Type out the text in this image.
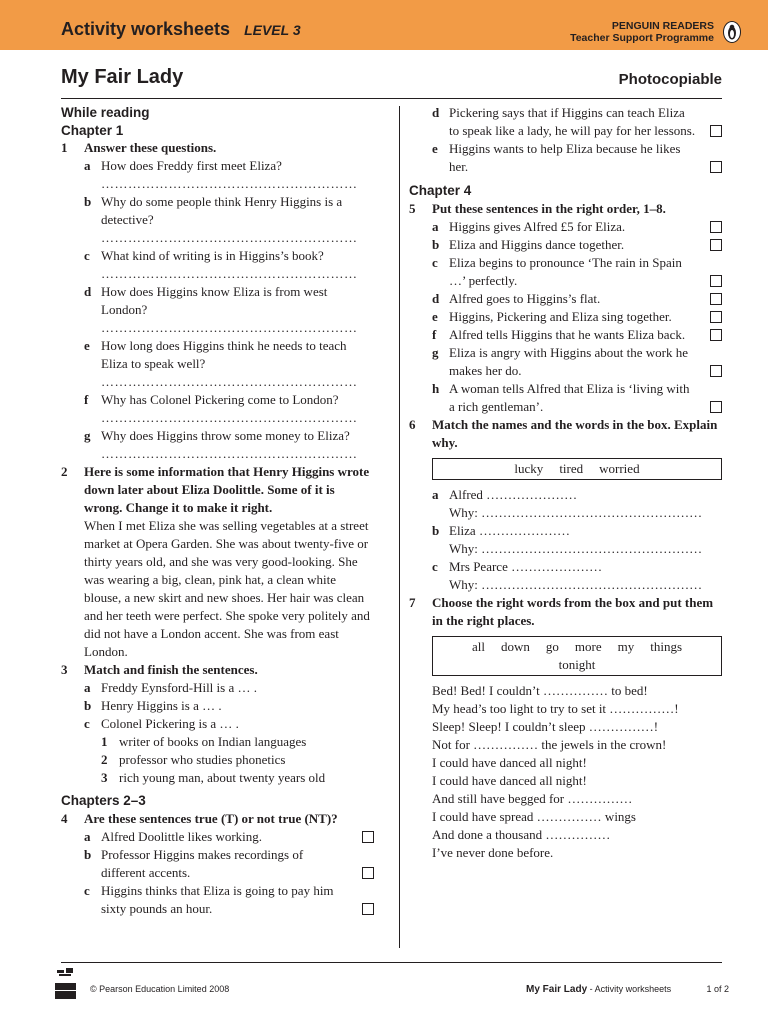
Activity worksheets LEVEL 3	PENGUIN READERS
Teacher Support Programme
My Fair Lady	Photocopiable
While reading
Chapter 1
1	Answer these questions.
a How does Freddy first meet Eliza?
…………………………………………………
b Why do some people think Henry Higgins is a detective?
…………………………………………………
c What kind of writing is in Higgins’s book?
…………………………………………………
d How does Higgins know Eliza is from west London?
…………………………………………………
e How long does Higgins think he needs to teach Eliza to speak well?
…………………………………………………
f Why has Colonel Pickering come to London?
…………………………………………………
g Why does Higgins throw some money to Eliza?
…………………………………………………
2	Here is some information that Henry Higgins wrote down later about Eliza Doolittle. Some of it is wrong. Change it to make it right.
When I met Eliza she was selling vegetables at a street market at Opera Garden. She was about twenty-five or thirty years old, and she was very good-looking. She was wearing a big, clean, pink hat, a clean white blouse, a new skirt and new shoes. Her hair was clean and her teeth were perfect. She spoke very politely and did not have a London accent. She was from east London.
3	Match and finish the sentences.
a Freddy Eynsford-Hill is a … .
b Henry Higgins is a … .
c Colonel Pickering is a … .
1 writer of books on Indian languages
2 professor who studies phonetics
3 rich young man, about twenty years old
Chapters 2–3
4	Are these sentences true (T) or not true (NT)?
a Alfred Doolittle likes working.
b Professor Higgins makes recordings of different accents.
c Higgins thinks that Eliza is going to pay him sixty pounds an hour.
d Pickering says that if Higgins can teach Eliza to speak like a lady, he will pay for her lessons.
e Higgins wants to help Eliza because he likes her.
Chapter 4
5	Put these sentences in the right order, 1–8.
a Higgins gives Alfred £5 for Eliza.
b Eliza and Higgins dance together.
c Eliza begins to pronounce ‘The rain in Spain …’ perfectly.
d Alfred goes to Higgins’s flat.
e Higgins, Pickering and Eliza sing together.
f Alfred tells Higgins that he wants Eliza back.
g Eliza is angry with Higgins about the work he makes her do.
h A woman tells Alfred that Eliza is ‘living with a rich gentleman’.
6	Match the names and the words in the box. Explain why.
lucky tired worried
a Alfred …………………
Why: ……………………………………………
b Eliza …………………
Why: ……………………………………………
c Mrs Pearce …………………
Why: ……………………………………………
7	Choose the right words from the box and put them in the right places.
all down go more my things
tonight
Bed! Bed! I couldn’t …………… to bed!
My head’s too light to try to set it ……………!
Sleep! Sleep! I couldn’t sleep ……………!
Not for …………… the jewels in the crown!
I could have danced all night!
I could have danced all night!
And still have begged for ……………
I could have spread …………… wings
And done a thousand ……………
I’ve never done before.
© Pearson Education Limited 2008	My Fair Lady - Activity worksheets	1 of 2
